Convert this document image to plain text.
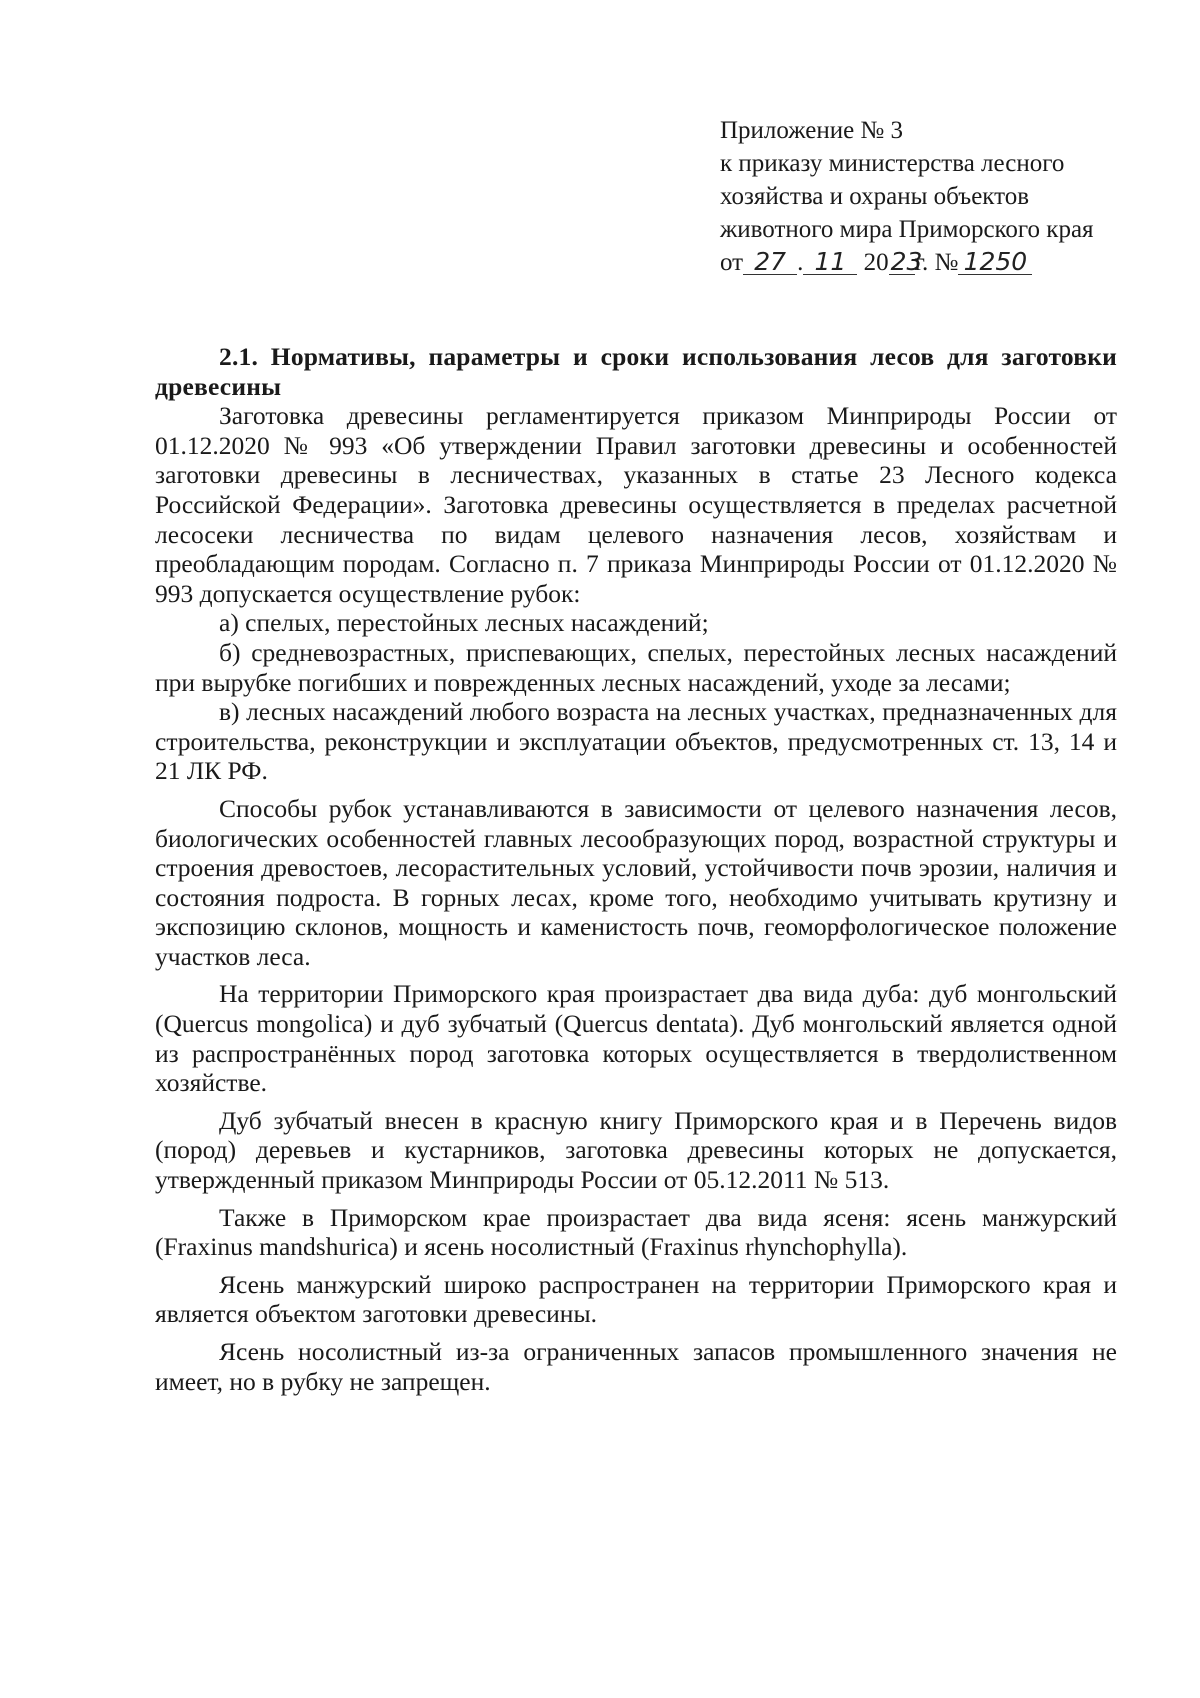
Приложение № 3
к приказу министерства лесного
хозяйства и охраны объектов
животного мира Приморского края
от 27 . 11 2023г. № 1250

2.1. Нормативы, параметры и сроки использования лесов для заготовки древесины

Заготовка древесины регламентируется приказом Минприроды России от 01.12.2020 № 993 «Об утверждении Правил заготовки древесины и особенностей заготовки древесины в лесничествах, указанных в статье 23 Лесного кодекса Российской Федерации». Заготовка древесины осуществляется в пределах расчетной лесосеки лесничества по видам целевого назначения лесов, хозяйствам и преобладающим породам. Согласно п. 7 приказа Минприроды России от 01.12.2020 № 993 допускается осуществление рубок:

а) спелых, перестойных лесных насаждений;

б) средневозрастных, приспевающих, спелых, перестойных лесных насаждений при вырубке погибших и поврежденных лесных насаждений, уходе за лесами;

в) лесных насаждений любого возраста на лесных участках, предназначенных для строительства, реконструкции и эксплуатации объектов, предусмотренных ст. 13, 14 и 21 ЛК РФ.

Способы рубок устанавливаются в зависимости от целевого назначения лесов, биологических особенностей главных лесообразующих пород, возрастной структуры и строения древостоев, лесорастительных условий, устойчивости почв эрозии, наличия и состояния подроста. В горных лесах, кроме того, необходимо учитывать крутизну и экспозицию склонов, мощность и каменистость почв, геоморфологическое положение участков леса.

На территории Приморского края произрастает два вида дуба: дуб монгольский (Quercus mongolica) и дуб зубчатый (Quercus dentata). Дуб монгольский является одной из распространённых пород заготовка которых осуществляется в твердолиственном хозяйстве.

Дуб зубчатый внесен в красную книгу Приморского края и в Перечень видов (пород) деревьев и кустарников, заготовка древесины которых не допускается, утвержденный приказом Минприроды России от 05.12.2011 № 513.

Также в Приморском крае произрастает два вида ясеня: ясень манжурский (Fraxinus mandshurica) и ясень носолистный (Fraxinus rhynchophylla).

Ясень манжурский широко распространен на территории Приморского края и является объектом заготовки древесины.

Ясень носолистный из-за ограниченных запасов промышленного значения не имеет, но в рубку не запрещен.
